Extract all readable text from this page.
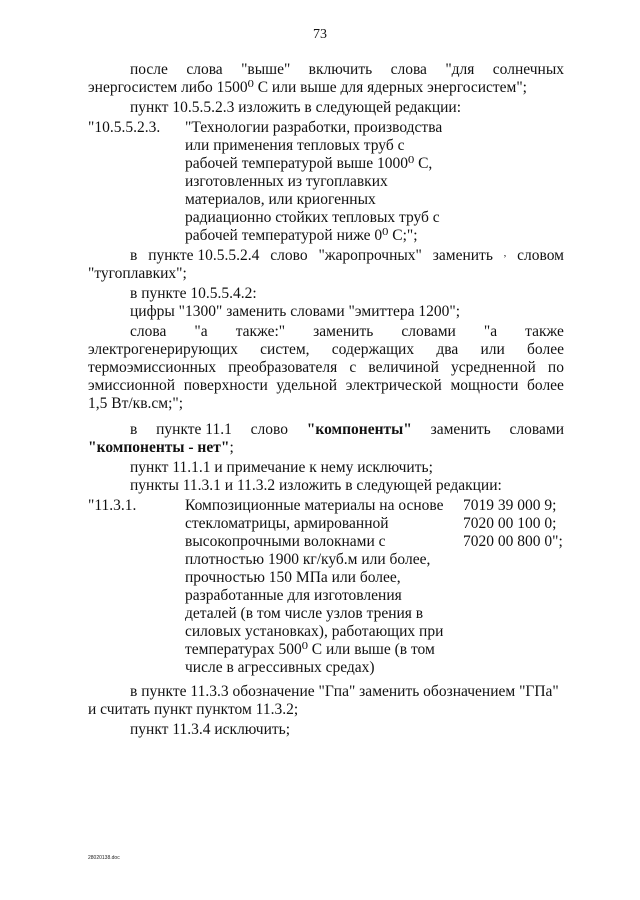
73
после слова "выше" включить слова "для солнечных
энергосистем либо 1500⁰ С или выше для ядерных энергосистем";
пункт 10.5.5.2.3 изложить в следующей редакции:
"10.5.5.2.3. "Технологии разработки, производства
или применения тепловых труб с
рабочей температурой выше 1000⁰ С,
изготовленных из тугоплавких
материалов, или криогенных
радиационно стойких тепловых труб с
рабочей температурой ниже 0⁰ С;";
в пункте 10.5.5.2.4 слово "жаропрочных" заменить , словом
"тугоплавких";
в пункте 10.5.5.4.2:
цифры "1300" заменить словами "эмиттера 1200";
слова "а также:" заменить словами "а также
электрогенерирующих систем, содержащих два или более
термоэмиссионных преобразователя с величиной усредненной по
эмиссионной поверхности удельной электрической мощности более
1,5 Вт/кв.см;";
в пункте 11.1 слово "компоненты" заменить словами
"компоненты - нет";
пункт 11.1.1 и примечание к нему исключить;
пункты 11.3.1 и 11.3.2 изложить в следующей редакции:
"11.3.1.	Композиционные материалы на основе
стекломатрицы, армированной
высокопрочными волокнами с
плотностью 1900 кг/куб.м или более,
прочностью 150 МПа или более,
разработанные для изготовления
деталей (в том числе узлов трения в
силовых установках), работающих при
температурах 500⁰ С или выше (в том
числе в агрессивных средах)
7019 39 000 9;
7020 00 100 0;
7020 00 800 0";
в пункте 11.3.3 обозначение "Гпа" заменить обозначением "ГПа"
и считать пункт пунктом 11.3.2;
пункт 11.3.4 исключить;
28020138.doc
